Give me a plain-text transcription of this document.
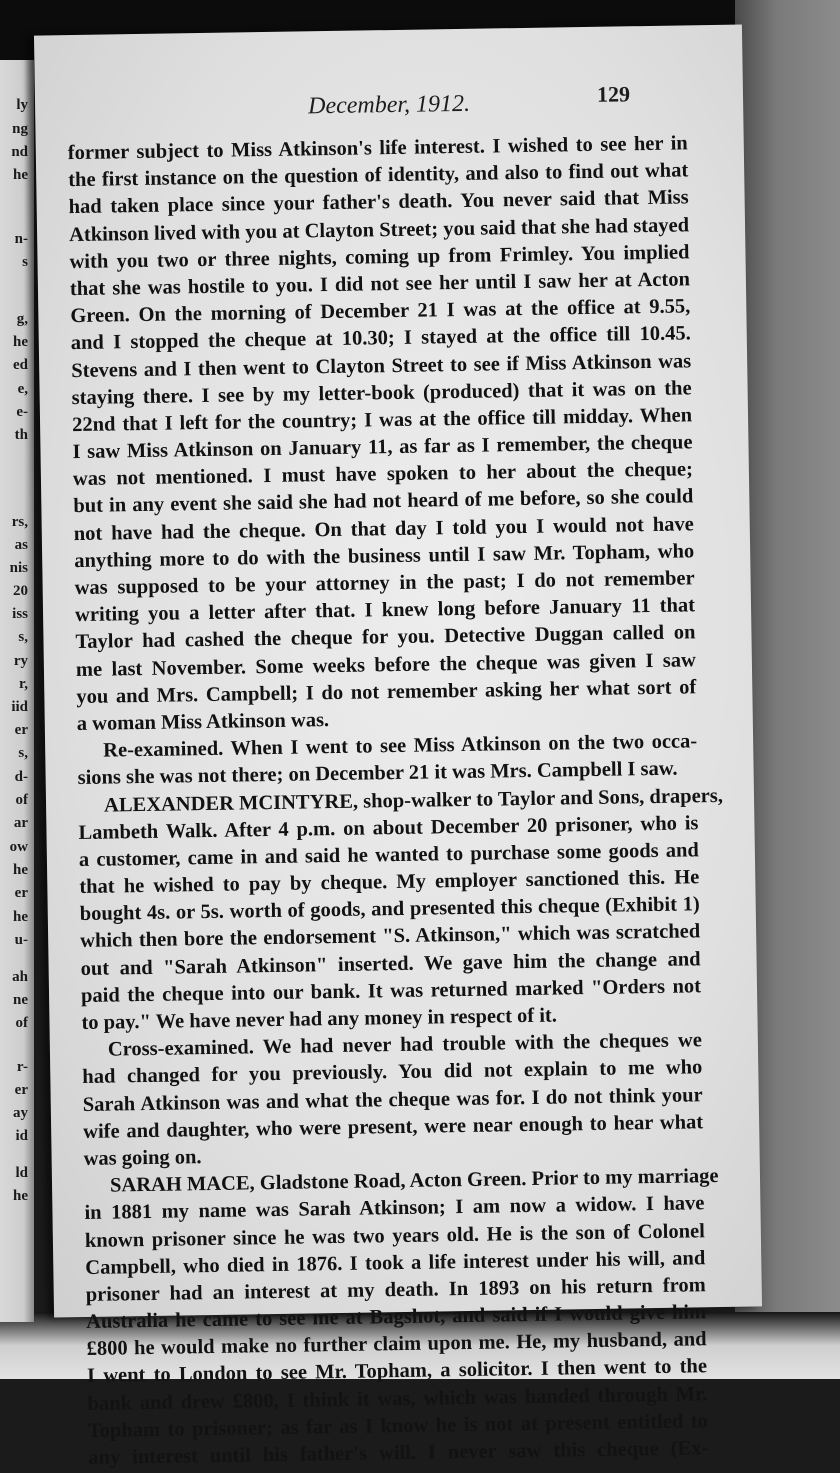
ly
ng
nd
he
n-
s
g,
he
ed
e,
e-
th
rs,
as
nis
20
iss
s,
ry
r,
iid
er
s,
d-
of
ar
ow
he
er
he
u-
ah
ne
of
r-
er
ay
id
ld
he
December, 1912.	129
former subject to Miss Atkinson's life interest. I wished to see her in
the first instance on the question of identity, and also to find out what
had taken place since your father's death. You never said that Miss
Atkinson lived with you at Clayton Street; you said that she had stayed
with you two or three nights, coming up from Frimley. You implied
that she was hostile to you. I did not see her until I saw her at Acton
Green. On the morning of December 21 I was at the office at 9.55,
and I stopped the cheque at 10.30; I stayed at the office till 10.45.
Stevens and I then went to Clayton Street to see if Miss Atkinson was
staying there. I see by my letter-book (produced) that it was on the
22nd that I left for the country; I was at the office till midday. When
I saw Miss Atkinson on January 11, as far as I remember, the cheque
was not mentioned. I must have spoken to her about the cheque;
but in any event she said she had not heard of me before, so she could
not have had the cheque. On that day I told you I would not have
anything more to do with the business until I saw Mr. Topham, who
was supposed to be your attorney in the past; I do not remember
writing you a letter after that. I knew long before January 11 that
Taylor had cashed the cheque for you. Detective Duggan called on
me last November. Some weeks before the cheque was given I saw
you and Mrs. Campbell; I do not remember asking her what sort of
a woman Miss Atkinson was.
Re-examined. When I went to see Miss Atkinson on the two occa-
sions she was not there; on December 21 it was Mrs. Campbell I saw.
ALEXANDER MCINTYRE, shop-walker to Taylor and Sons, drapers,
Lambeth Walk. After 4 p.m. on about December 20 prisoner, who is
a customer, came in and said he wanted to purchase some goods and
that he wished to pay by cheque. My employer sanctioned this. He
bought 4s. or 5s. worth of goods, and presented this cheque (Exhibit 1)
which then bore the endorsement "S. Atkinson," which was scratched
out and "Sarah Atkinson" inserted. We gave him the change and
paid the cheque into our bank. It was returned marked "Orders not
to pay." We have never had any money in respect of it.
Cross-examined. We had never had trouble with the cheques we
had changed for you previously. You did not explain to me who
Sarah Atkinson was and what the cheque was for. I do not think your
wife and daughter, who were present, were near enough to hear what
was going on.
SARAH MACE, Gladstone Road, Acton Green. Prior to my marriage
in 1881 my name was Sarah Atkinson; I am now a widow. I have
known prisoner since he was two years old. He is the son of Colonel
Campbell, who died in 1876. I took a life interest under his will, and
prisoner had an interest at my death. In 1893 on his return from
Australia he came to see me at Bagshot, and said if I would give him
£800 he would make no further claim upon me. He, my husband, and
I went to London to see Mr. Topham, a solicitor. I then went to the
bank and drew £800, I think it was, which was handed through Mr.
Topham to prisoner; as far as I know he is not at present entitled to
any interest until his father's will. I never saw this cheque (Ex-
